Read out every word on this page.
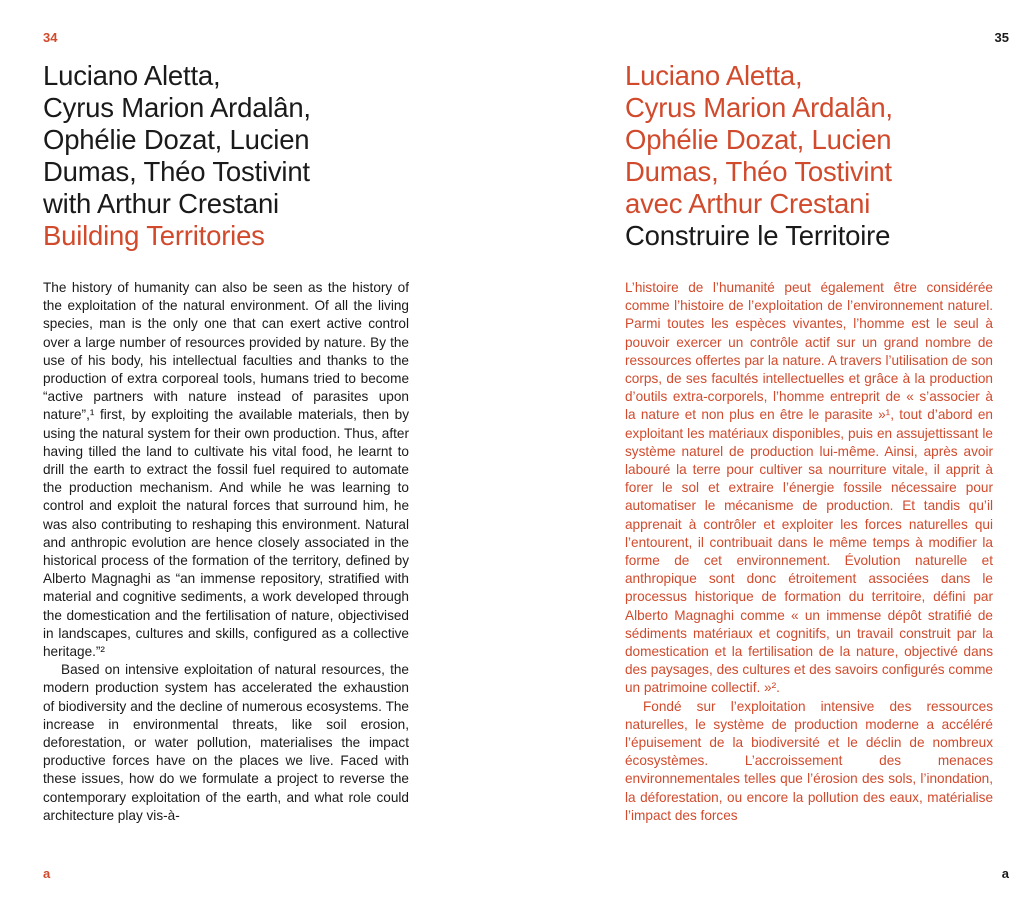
34
Luciano Aletta,
Cyrus Marion Ardalân,
Ophélie Dozat, Lucien
Dumas, Théo Tostivint
with Arthur Crestani
Building Territories

The history of humanity can also be seen as the history of the exploitation of the natural environment. Of all the living species, man is the only one that can exert active control over a large number of resources provided by nature. By the use of his body, his intellectual faculties and thanks to the production of extra corporeal tools, humans tried to become “active partners with nature instead of parasites upon nature”,¹ first, by exploiting the available materials, then by using the natural system for their own production. Thus, after having tilled the land to cultivate his vital food, he learnt to drill the earth to extract the fossil fuel required to automate the production mechanism. And while he was learning to control and exploit the natural forces that surround him, he was also contributing to reshaping this environment. Natural and anthropic evolution are hence closely associated in the historical process of the formation of the territory, defined by Alberto Magnaghi as “an immense repository, stratified with material and cognitive sediments, a work developed through the domestication and the fertilisation of nature, objectivised in landscapes, cultures and skills, configured as a collective heritage.”²

Based on intensive exploitation of natural resources, the modern production system has accelerated the exhaustion of biodiversity and the decline of numerous ecosystems. The increase in environmental threats, like soil erosion, deforestation, or water pollution, materialises the impact productive forces have on the places we live. Faced with these issues, how do we formulate a project to reverse the contemporary exploitation of the earth, and what role could architecture play vis-à-

a
35
Luciano Aletta,
Cyrus Marion Ardalân,
Ophélie Dozat, Lucien
Dumas, Théo Tostivint
avec Arthur Crestani
Construire le Territoire

L’histoire de l’humanité peut également être considérée comme l’histoire de l’exploitation de l’environnement naturel. Parmi toutes les espèces vivantes, l’homme est le seul à pouvoir exercer un contrôle actif sur un grand nombre de ressources offertes par la nature. A travers l’utilisation de son corps, de ses facultés intellectuelles et grâce à la production d’outils extra-corporels, l’homme entreprit de « s’associer à la nature et non plus en être le parasite »¹, tout d’abord en exploitant les matériaux disponibles, puis en assujettissant le système naturel de production lui-même. Ainsi, après avoir labouré la terre pour cultiver sa nourriture vitale, il apprit à forer le sol et extraire l’énergie fossile nécessaire pour automatiser le mécanisme de production. Et tandis qu’il apprenait à contrôler et exploiter les forces naturelles qui l’entourent, il contribuait dans le même temps à modifier la forme de cet environnement. Évolution naturelle et anthropique sont donc étroitement associées dans le processus historique de formation du territoire, défini par Alberto Magnaghi comme « un immense dépôt stratifié de sédiments matériaux et cognitifs, un travail construit par la domestication et la fertilisation de la nature, objectivé dans des paysages, des cultures et des savoirs configurés comme un patrimoine collectif. »².

Fondé sur l’exploitation intensive des ressources naturelles, le système de production moderne a accéléré l’épuisement de la biodiversité et le déclin de nombreux écosystèmes. L’accroissement des menaces environnementales telles que l’érosion des sols, l’inondation, la déforestation, ou encore la pollution des eaux, matérialise l’impact des forces

a
